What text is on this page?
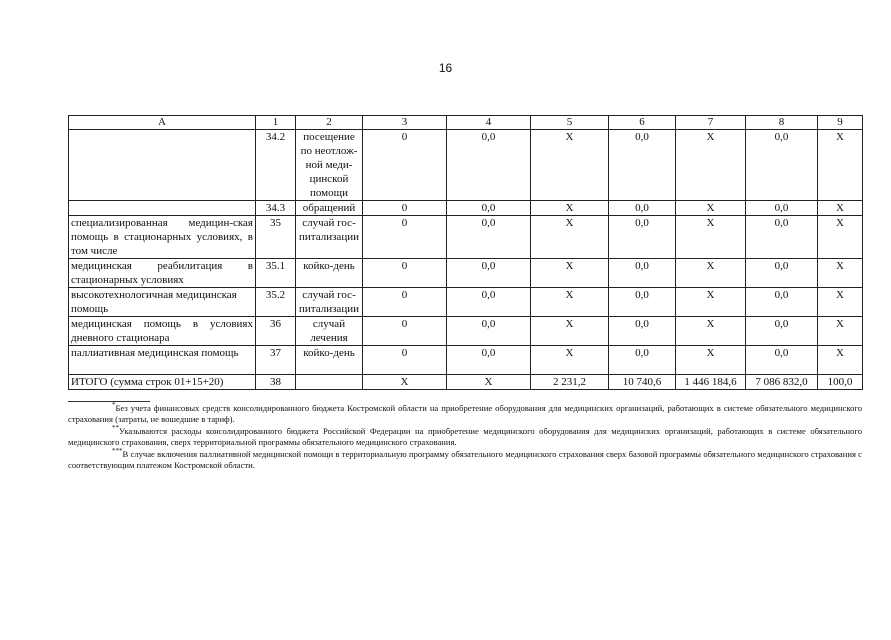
16
А	1	2	3	4	5	6	7	8	9
	34.2	посещение по неотлож-ной меди-цинской помощи	0	0,0	Х	0,0	Х	0,0	Х
	34.3	обращений	0	0,0	Х	0,0	Х	0,0	Х
специализированная медицин-ская помощь в стационарных условиях, в том числе	35	случай гос-питализации	0	0,0	Х	0,0	Х	0,0	Х
медицинская реабилитация в стационарных условиях	35.1	койко-день	0	0,0	Х	0,0	Х	0,0	Х
высокотехнологичная медицинская помощь	35.2	случай гос-питализации	0	0,0	Х	0,0	Х	0,0	Х
медицинская помощь в условиях дневного стационара	36	случай лечения	0	0,0	Х	0,0	Х	0,0	Х
паллиативная медицинская помощь	37	койко-день	0	0,0	Х	0,0	Х	0,0	Х
ИТОГО (сумма строк 01+15+20)	38		Х	Х	2 231,2	10 740,6	1 446 184,6	7 086 832,0	100,0

*Без учета финансовых средств консолидированного бюджета Костромской области на приобретение оборудования для медицинских организаций, работающих в системе обязательного медицинского страхования (затраты, не вошедшие в тариф).

**Указываются расходы консолидированного бюджета Российской Федерации на приобретение медицинского оборудования для медицинских организаций, работающих в системе обязательного медицинского страхования, сверх территориальной программы обязательного медицинского страхования.

***В случае включения паллиативной медицинской помощи в территориальную программу обязательного медицинского страхования сверх базовой программы обязательного медицинского страхования с соответствующим платежом Костромской области.
